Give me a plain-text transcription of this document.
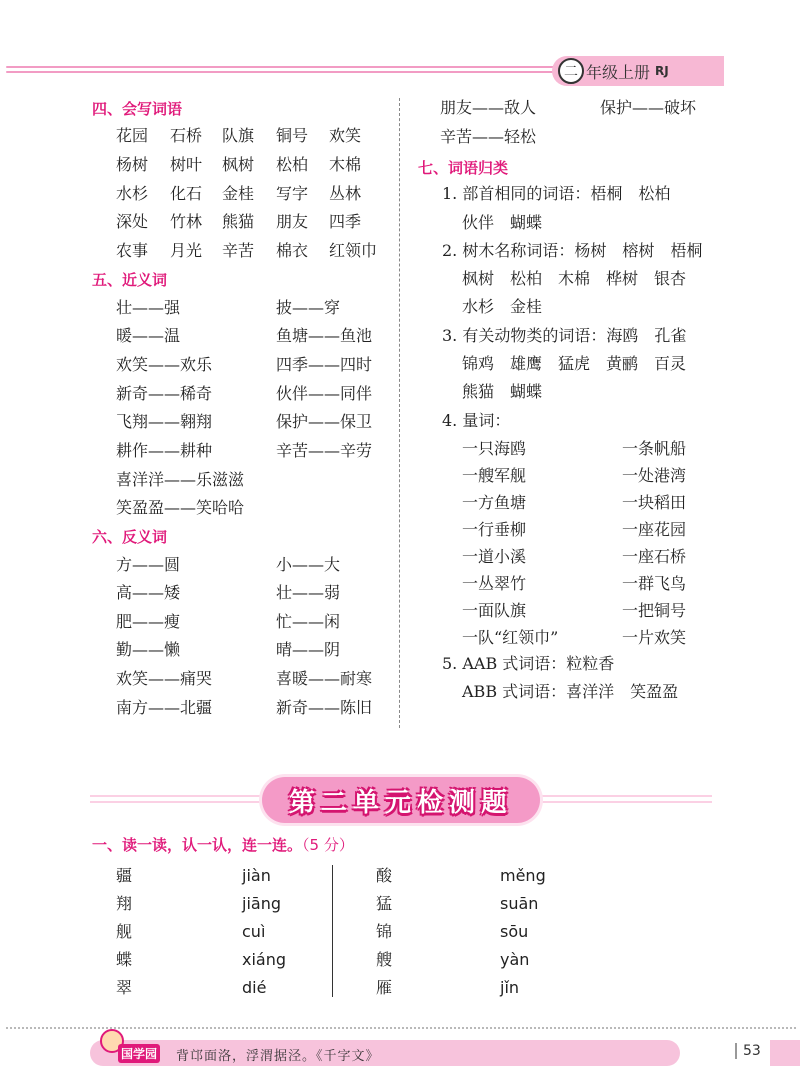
二 年级上册 RJ
四、会写词语
花园 石桥 队旗 铜号 欢笑
杨树 树叶 枫树 松柏 木棉
水杉 化石 金桂 写字 丛林
深处 竹林 熊猫 朋友 四季
农事 月光 辛苦 棉衣 红领巾
五、近义词
壮——强	披——穿
暖——温	鱼塘——鱼池
欢笑——欢乐	四季——四时
新奇——稀奇	伙伴——同伴
飞翔——翱翔	保护——保卫
耕作——耕种	辛苦——辛劳
喜洋洋——乐滋滋
笑盈盈——笑哈哈
六、反义词
方——圆	小——大
高——矮	壮——弱
肥——瘦	忙——闲
勤——懒	晴——阴
欢笑——痛哭	喜暖——耐寒
南方——北疆	新奇——陈旧
朋友——敌人	保护——破坏
辛苦——轻松
七、词语归类
1. 部首相同的词语：梧桐　松柏
伙伴　蝴蝶
2. 树木名称词语：杨树　榕树　梧桐
枫树　松柏　木棉　桦树　银杏
水杉　金桂
3. 有关动物类的词语：海鸥　孔雀
锦鸡　雄鹰　猛虎　黄鹂　百灵
熊猫　蝴蝶
4. 量词：
一只海鸥	一条帆船
一艘军舰	一处港湾
一方鱼塘	一块稻田
一行垂柳	一座花园
一道小溪	一座石桥
一丛翠竹	一群飞鸟
一面队旗	一把铜号
一队“红领巾”	一片欢笑
5. AAB 式词语：粒粒香
ABB 式词语：喜洋洋　笑盈盈
第二单元检测题
一、读一读，认一认，连一连。（5 分）
疆	jiàn	酸	měng
翔	jiāng	猛	suān
舰	cuì	锦	sōu
蝶	xiáng	艘	yàn
翠	dié	雁	jǐn
国学园 背邙面洛，浮渭据泾。《千字文》	53
